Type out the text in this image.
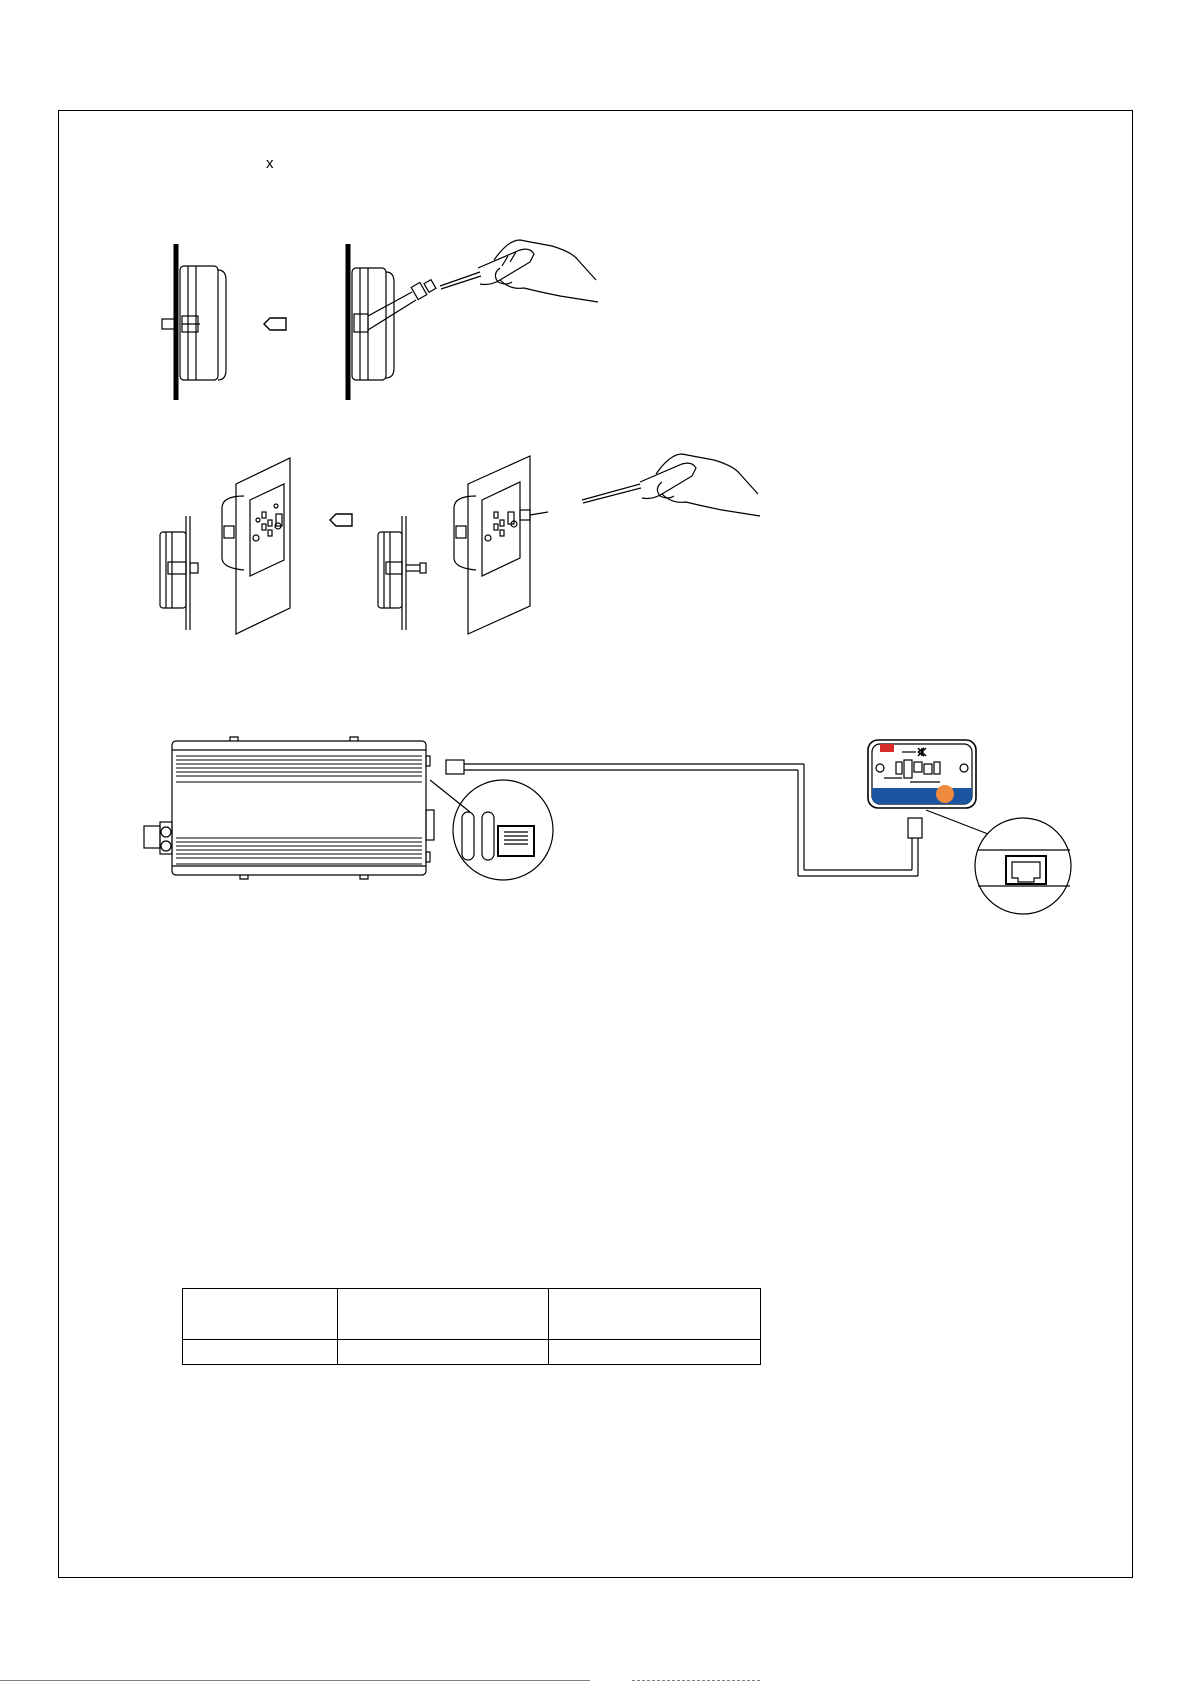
x
